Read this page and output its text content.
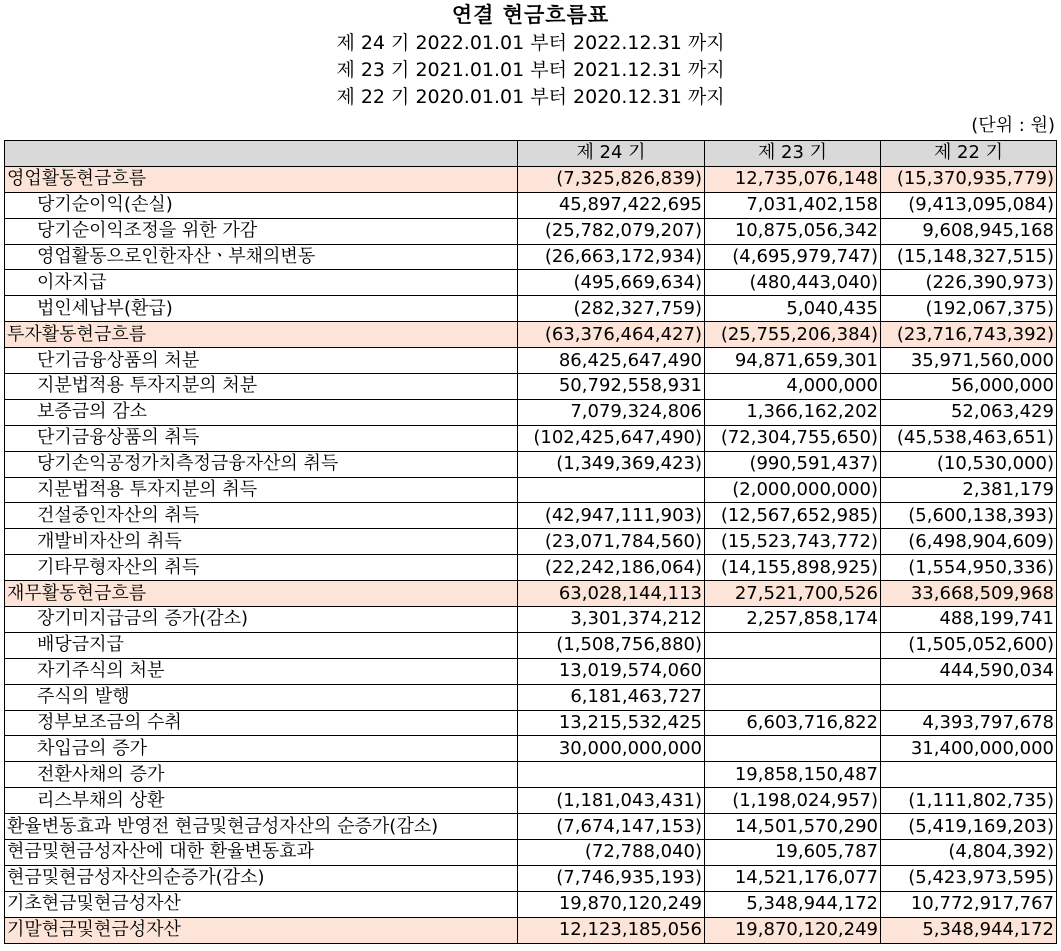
연결 현금흐름표
제 24 기 2022.01.01 부터 2022.12.31 까지
제 23 기 2021.01.01 부터 2021.12.31 까지
제 22 기 2020.01.01 부터 2020.12.31 까지
(단위 : 원)
	제 24 기	제 23 기	제 22 기
영업활동현금흐름	(7,325,826,839)	12,735,076,148	(15,370,935,779)
당기순이익(손실)	45,897,422,695	7,031,402,158	(9,413,095,084)
당기순이익조정을 위한 가감	(25,782,079,207)	10,875,056,342	9,608,945,168
영업활동으로인한자산ㆍ부채의변동	(26,663,172,934)	(4,695,979,747)	(15,148,327,515)
이자지급	(495,669,634)	(480,443,040)	(226,390,973)
법인세납부(환급)	(282,327,759)	5,040,435	(192,067,375)
투자활동현금흐름	(63,376,464,427)	(25,755,206,384)	(23,716,743,392)
단기금융상품의 처분	86,425,647,490	94,871,659,301	35,971,560,000
지분법적용 투자지분의 처분	50,792,558,931	4,000,000	56,000,000
보증금의 감소	7,079,324,806	1,366,162,202	52,063,429
단기금융상품의 취득	(102,425,647,490)	(72,304,755,650)	(45,538,463,651)
당기손익공정가치측정금융자산의 취득	(1,349,369,423)	(990,591,437)	(10,530,000)
지분법적용 투자지분의 취득		(2,000,000,000)	2,381,179
건설중인자산의 취득	(42,947,111,903)	(12,567,652,985)	(5,600,138,393)
개발비자산의 취득	(23,071,784,560)	(15,523,743,772)	(6,498,904,609)
기타무형자산의 취득	(22,242,186,064)	(14,155,898,925)	(1,554,950,336)
재무활동현금흐름	63,028,144,113	27,521,700,526	33,668,509,968
장기미지급금의 증가(감소)	3,301,374,212	2,257,858,174	488,199,741
배당금지급	(1,508,756,880)		(1,505,052,600)
자기주식의 처분	13,019,574,060		444,590,034
주식의 발행	6,181,463,727		
정부보조금의 수취	13,215,532,425	6,603,716,822	4,393,797,678
차입금의 증가	30,000,000,000		31,400,000,000
전환사채의 증가		19,858,150,487	
리스부채의 상환	(1,181,043,431)	(1,198,024,957)	(1,111,802,735)
환율변동효과 반영전 현금및현금성자산의 순증가(감소)	(7,674,147,153)	14,501,570,290	(5,419,169,203)
현금및현금성자산에 대한 환율변동효과	(72,788,040)	19,605,787	(4,804,392)
현금및현금성자산의순증가(감소)	(7,746,935,193)	14,521,176,077	(5,423,973,595)
기초현금및현금성자산	19,870,120,249	5,348,944,172	10,772,917,767
기말현금및현금성자산	12,123,185,056	19,870,120,249	5,348,944,172
